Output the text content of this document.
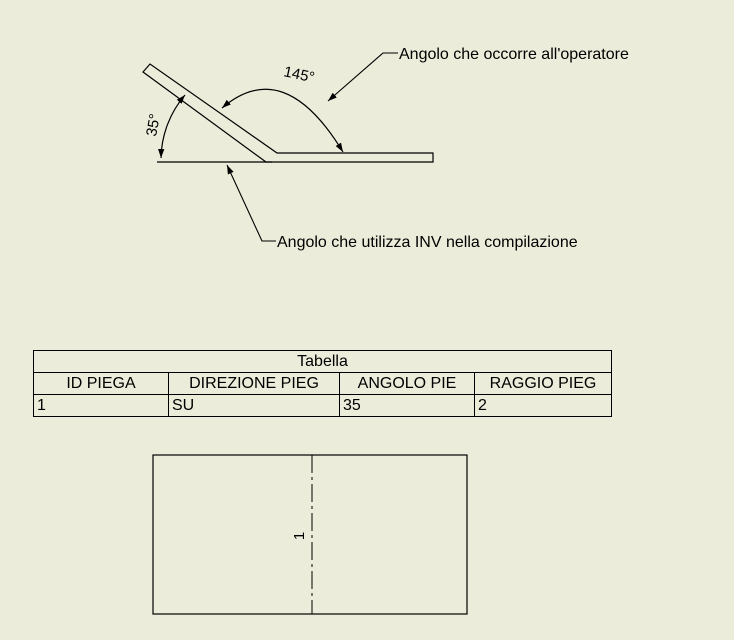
145°
35°
Angolo che occorre all'operatore
Angolo che utilizza INV nella compilazione
1
Tabella			
ID PIEGA	DIREZIONE PIEG	ANGOLO PIE	RAGGIO PIEG
1	SU	35	2
